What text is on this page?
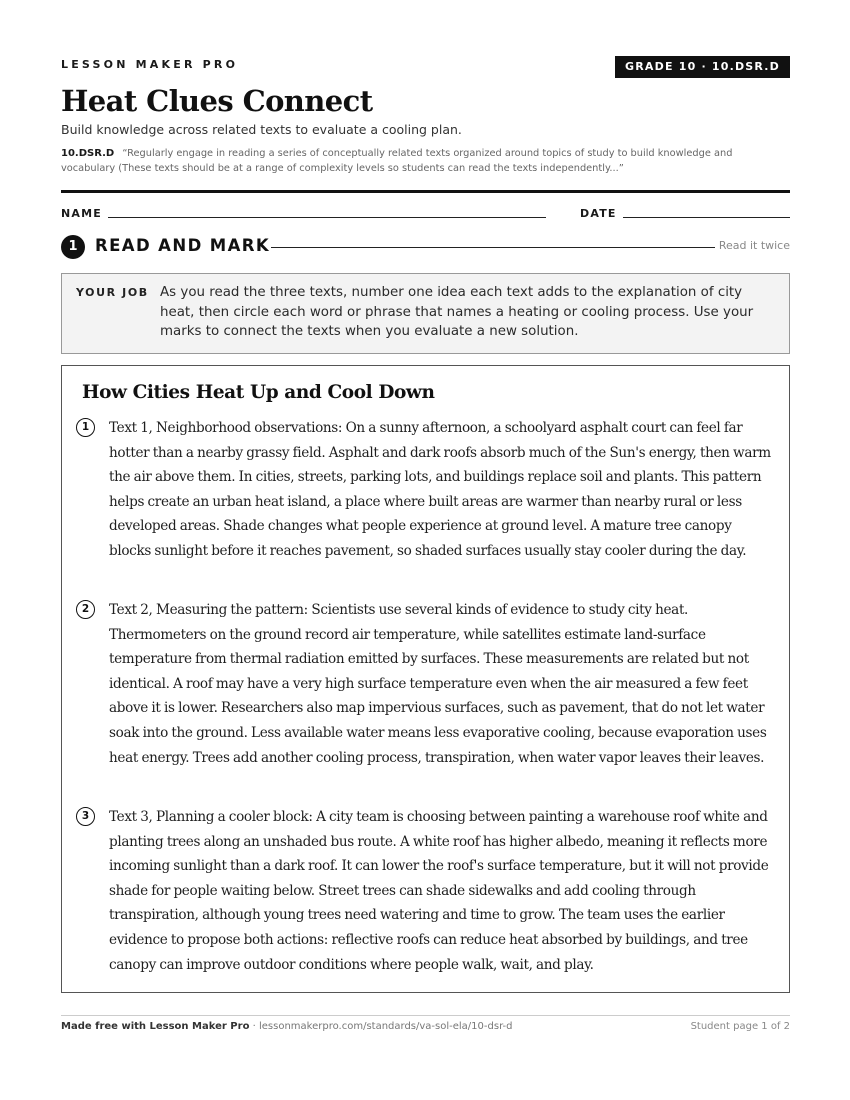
LESSON MAKER PRO	GRADE 10 · 10.DSR.D
Heat Clues Connect
Build knowledge across related texts to evaluate a cooling plan.
10.DSR.D “Regularly engage in reading a series of conceptually related texts organized around topics of study to build knowledge and vocabulary (These texts should be at a range of complexity levels so students can read the texts independently...”
NAME	DATE
1	READ AND MARK	Read it twice
YOUR JOB As you read the three texts, number one idea each text adds to the explanation of city heat, then circle each word or phrase that names a heating or cooling process. Use your marks to connect the texts when you evaluate a new solution.
How Cities Heat Up and Cool Down
1	Text 1, Neighborhood observations: On a sunny afternoon, a schoolyard asphalt court can feel far hotter than a nearby grassy field. Asphalt and dark roofs absorb much of the Sun's energy, then warm the air above them. In cities, streets, parking lots, and buildings replace soil and plants. This pattern helps create an urban heat island, a place where built areas are warmer than nearby rural or less developed areas. Shade changes what people experience at ground level. A mature tree canopy blocks sunlight before it reaches pavement, so shaded surfaces usually stay cooler during the day.
2	Text 2, Measuring the pattern: Scientists use several kinds of evidence to study city heat. Thermometers on the ground record air temperature, while satellites estimate land-surface temperature from thermal radiation emitted by surfaces. These measurements are related but not identical. A roof may have a very high surface temperature even when the air measured a few feet above it is lower. Researchers also map impervious surfaces, such as pavement, that do not let water soak into the ground. Less available water means less evaporative cooling, because evaporation uses heat energy. Trees add another cooling process, transpiration, when water vapor leaves their leaves.
3	Text 3, Planning a cooler block: A city team is choosing between painting a warehouse roof white and planting trees along an unshaded bus route. A white roof has higher albedo, meaning it reflects more incoming sunlight than a dark roof. It can lower the roof's surface temperature, but it will not provide shade for people waiting below. Street trees can shade sidewalks and add cooling through transpiration, although young trees need watering and time to grow. The team uses the earlier evidence to propose both actions: reflective roofs can reduce heat absorbed by buildings, and tree canopy can improve outdoor conditions where people walk, wait, and play.
Made free with Lesson Maker Pro · lessonmakerpro.com/standards/va-sol-ela/10-dsr-d	Student page 1 of 2
